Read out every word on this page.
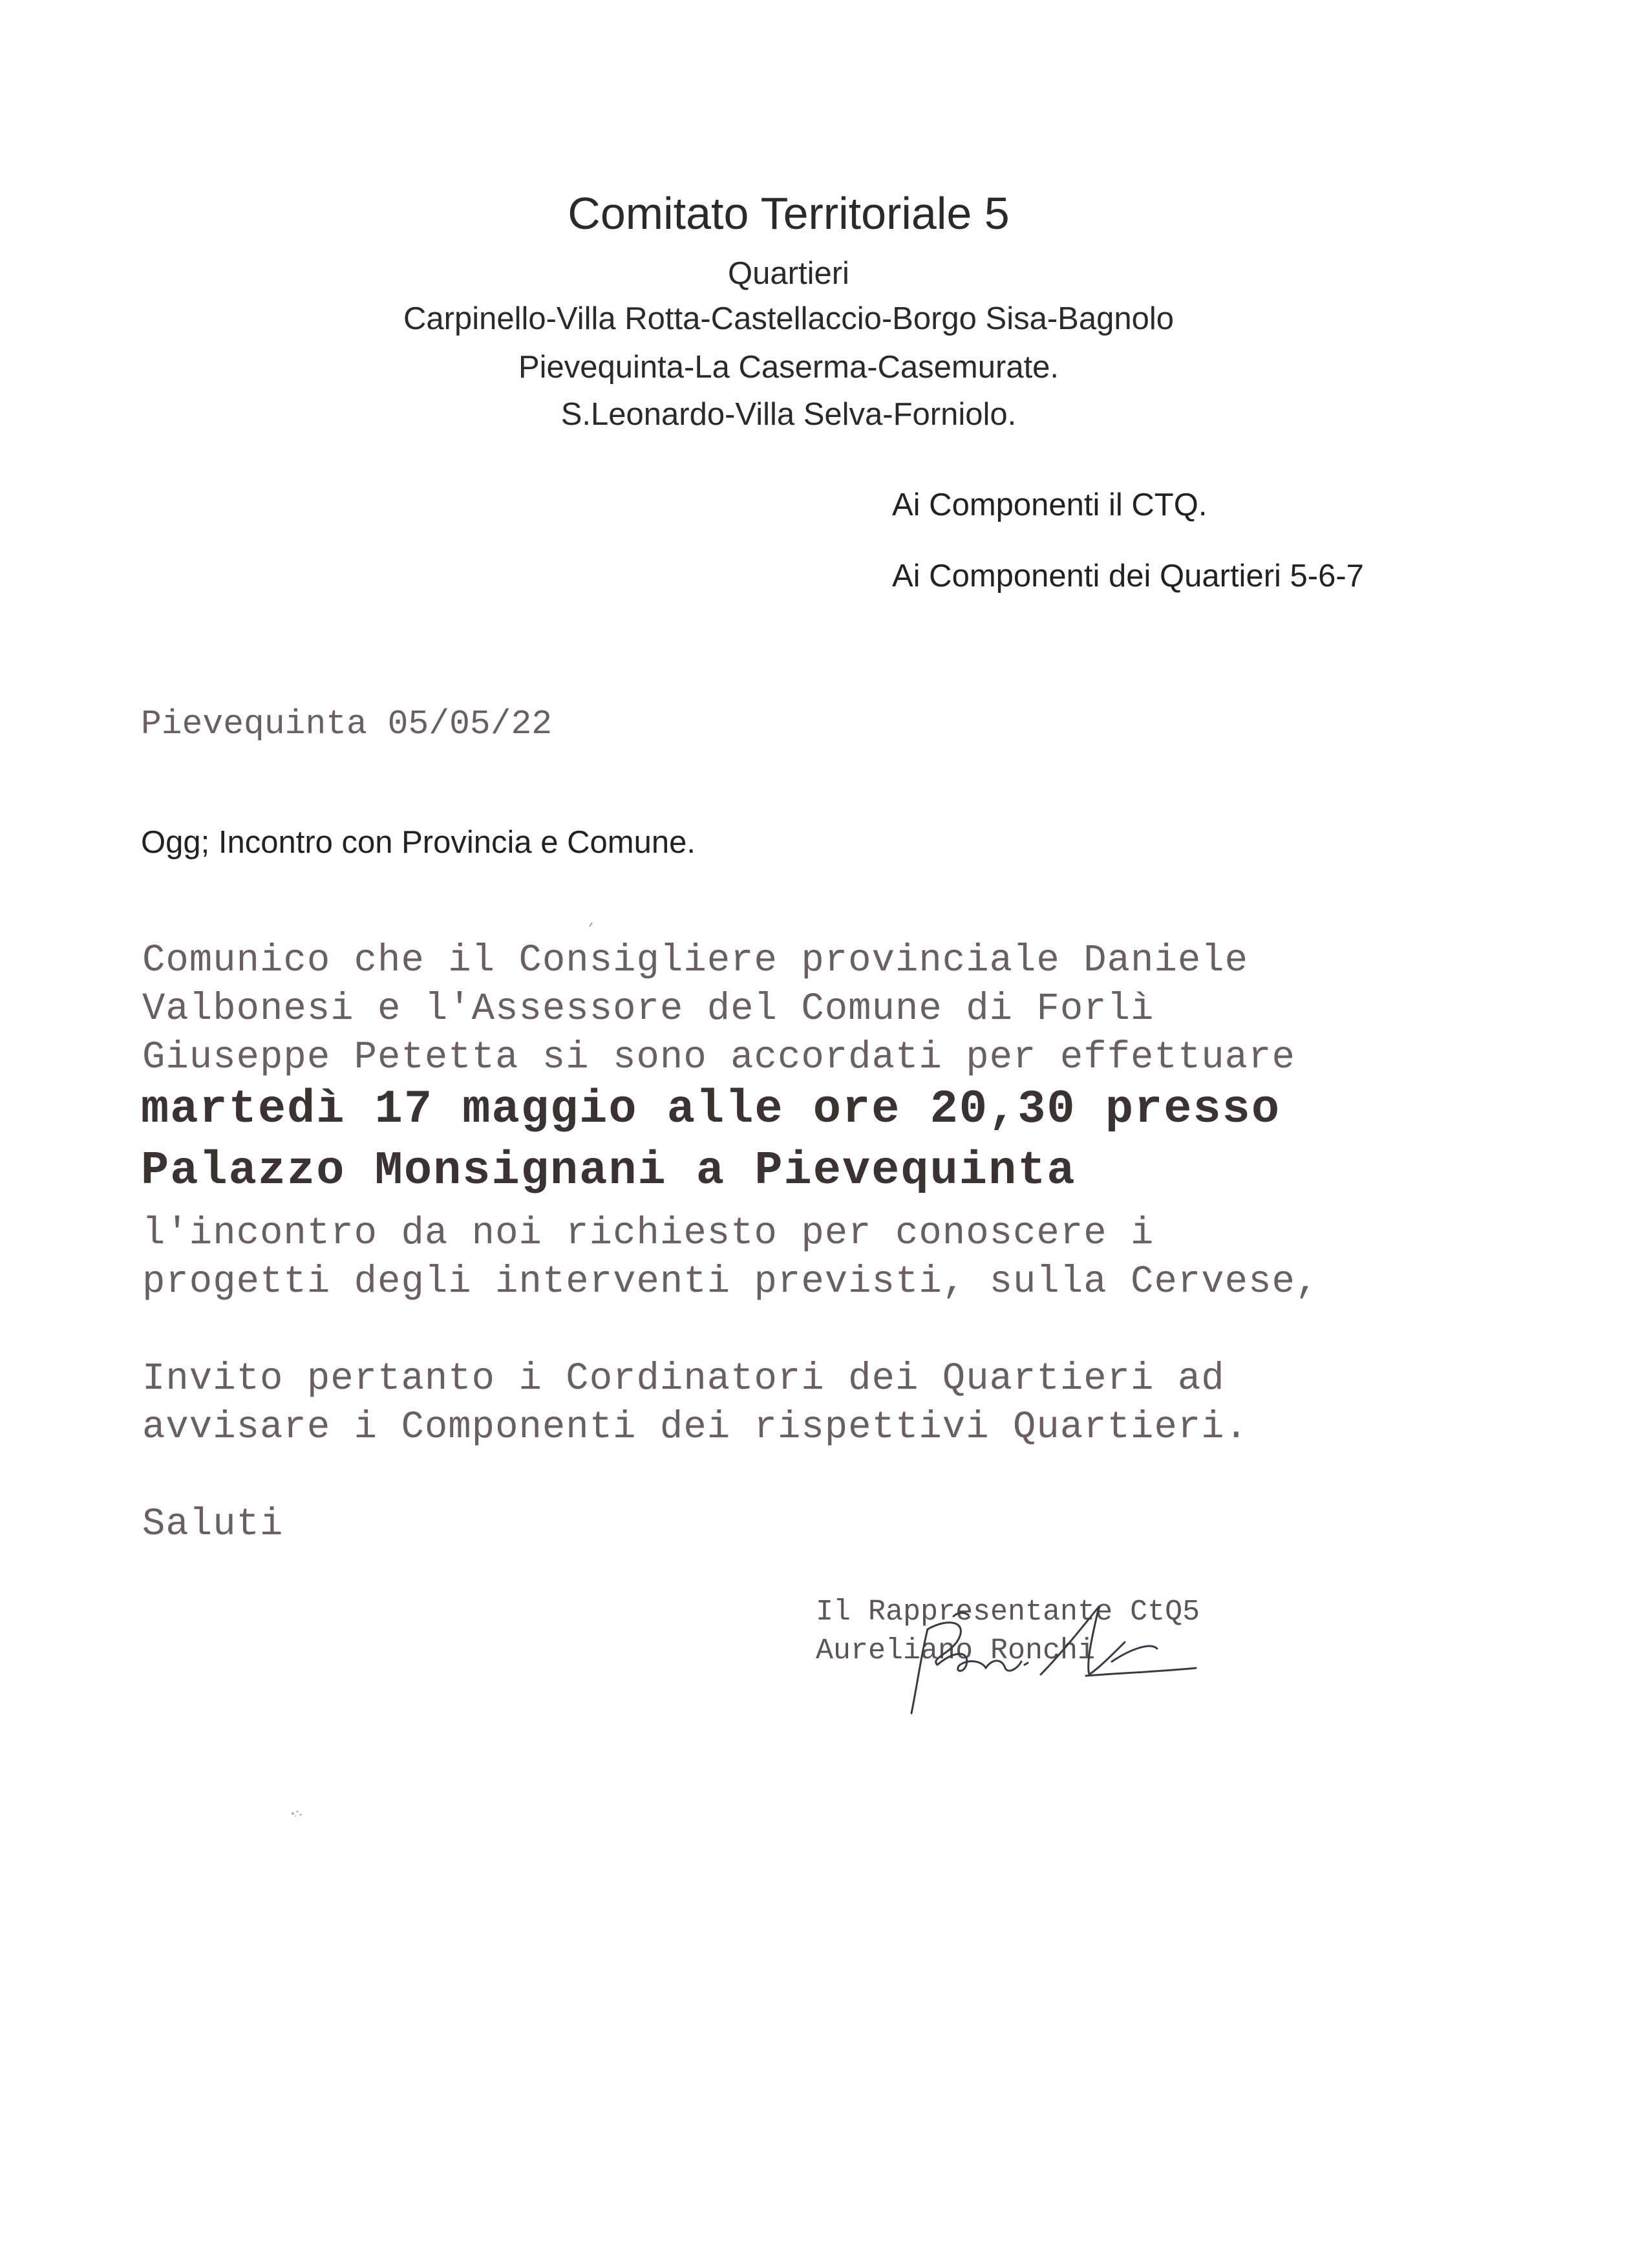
Comitato Territoriale 5
Quartieri
Carpinello-Villa Rotta-Castellaccio-Borgo Sisa-Bagnolo
Pievequinta-La Caserma-Casemurate.
S.Leonardo-Villa Selva-Forniolo.
Ai Componenti il CTQ.
Ai Componenti dei Quartieri 5-6-7
Pievequinta 05/05/22
Ogg; Incontro con Provincia e Comune.
Comunico che il Consigliere provinciale Daniele
Valbonesi e l'Assessore del Comune di Forlì
Giuseppe Petetta si sono accordati per effettuare
martedì 17 maggio alle ore 20,30 presso
Palazzo Monsignani a Pievequinta
l'incontro da noi richiesto per conoscere i
progetti degli interventi previsti, sulla Cervese,
Invito pertanto i Cordinatori dei Quartieri ad
avvisare i Componenti dei rispettivi Quartieri.
Saluti
Il Rappresentante CtQ5
Aureliano Ronchi
